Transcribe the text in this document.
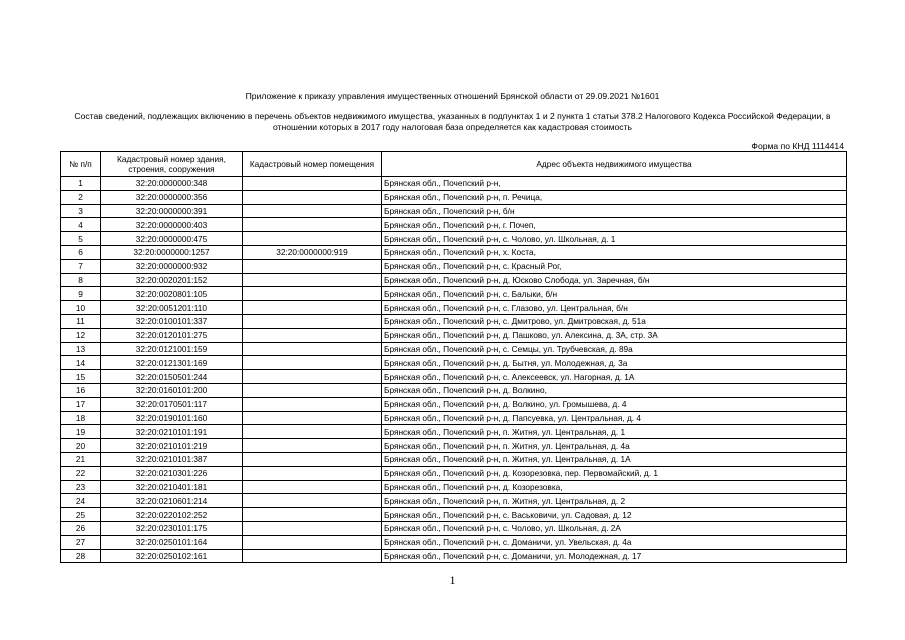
Приложение к приказу управления имущественных отношений Брянской области от 29.09.2021 №1601
Состав сведений, подлежащих включению в перечень объектов недвижимого имущества, указанных в подпунктах 1 и 2 пункта 1 статьи 378.2 Налогового Кодекса Российской Федерации, в отношении которых в 2017 году налоговая база определяется как кадастровая стоимость
Форма по КНД 1114414
№ п/п	Кадастровый номер здания, строения, сооружения	Кадастровый номер помещения	Адрес объекта недвижимого имущества
1	32:20:0000000:348		Брянская обл., Почепский р-н,
2	32:20:0000000:356		Брянская обл., Почепский р-н, п. Речица,
3	32:20:0000000:391		Брянская обл., Почепский р-н, б/н
4	32:20:0000000:403		Брянская обл., Почепский р-н, г. Почеп,
5	32:20:0000000:475		Брянская обл., Почепский р-н, с. Чолово, ул. Школьная, д. 1
6	32:20:0000000:1257	32:20:0000000:919	Брянская обл., Почепский р-н, х. Коста,
7	32:20:0000000:932		Брянская обл., Почепский р-н, с. Красный Рог,
8	32:20:0020201:152		Брянская обл., Почепский р-н, д. Юсково Слобода, ул. Заречная, б/н
9	32:20:0020801:105		Брянская обл., Почепский р-н, с. Балыки, б/н
10	32:20:0051201:110		Брянская обл., Почепский р-н, с. Глазово, ул. Центральная, б/н
11	32:20:0100101:337		Брянская обл., Почепский р-н, с. Дмитрово, ул. Дмитровская, д. 51а
12	32:20:0120101:275		Брянская обл., Почепский р-н, д. Пашково, ул. Алексина, д. 3А, стр. 3А
13	32:20:0121001:159		Брянская обл., Почепский р-н, с. Семцы, ул. Трубчевская, д. 89а
14	32:20:0121301:169		Брянская обл., Почепский р-н, д. Бытня, ул. Молодежная, д. 3а
15	32:20:0150501:244		Брянская обл., Почепский р-н, с. Алексеевск, ул. Нагорная, д. 1А
16	32:20:0160101:200		Брянская обл., Почепский р-н, д. Волкино,
17	32:20:0170501:117		Брянская обл., Почепский р-н, д. Волкино, ул. Громышева, д. 4
18	32:20:0190101:160		Брянская обл., Почепский р-н, д. Папсуевка, ул. Центральная, д. 4
19	32:20:0210101:191		Брянская обл., Почепский р-н, п. Житня, ул. Центральная, д. 1
20	32:20:0210101:219		Брянская обл., Почепский р-н, п. Житня, ул. Центральная, д. 4а
21	32:20:0210101:387		Брянская обл., Почепский р-н, п. Житня, ул. Центральная, д. 1А
22	32:20:0210301:226		Брянская обл., Почепский р-н, д. Козорезовка, пер. Первомайский, д. 1
23	32:20:0210401:181		Брянская обл., Почепский р-н, д. Козорезовка,
24	32:20:0210601:214		Брянская обл., Почепский р-н, п. Житня, ул. Центральная, д. 2
25	32:20:0220102:252		Брянская обл., Почепский р-н, с. Васьковичи, ул. Садовая, д. 12
26	32:20:0230101:175		Брянская обл., Почепский р-н, с. Чолово, ул. Школьная, д. 2А
27	32:20:0250101:164		Брянская обл., Почепский р-н, с. Доманичи, ул. Увельская, д. 4а
28	32:20:0250102:161		Брянская обл., Почепский р-н, с. Доманичи, ул. Молодежная, д. 17
1
